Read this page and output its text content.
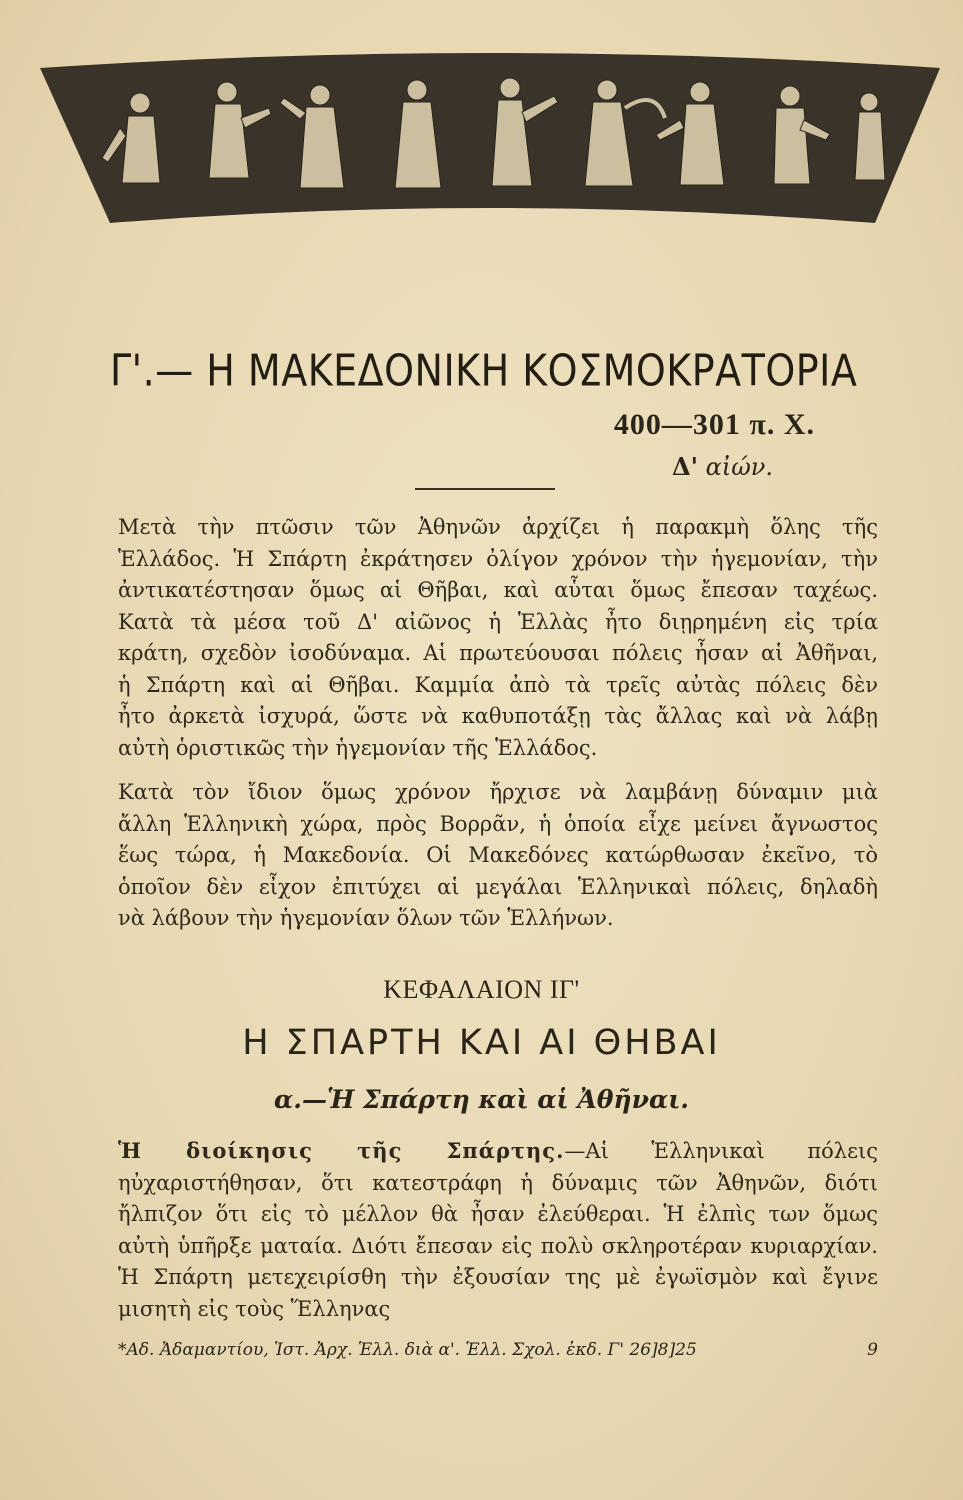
Γ'.— Η ΜΑΚΕΔΟΝΙΚΗ ΚΟΣΜΟΚΡΑΤΟΡΙΑ
400—301 π. Χ.
Δ' αἰών.
Μετὰ τὴν πτῶσιν τῶν Ἀθηνῶν ἀρχίζει ἡ παρακμὴ ὅλης τῆς
Ἑλλάδος. Ἡ Σπάρτη ἐκράτησεν ὀλίγον χρόνον τὴν ἡγεμονίαν, τὴν
ἀντικατέστησαν ὅμως αἱ Θῆβαι, καὶ αὗται ὅμως ἔπεσαν ταχέως.
Κατὰ τὰ μέσα τοῦ Δ' αἰῶνος ἡ Ἑλλὰς ἦτο διῃρημένη εἰς τρία
κράτη, σχεδὸν ἰσοδύναμα. Αἱ πρωτεύουσαι πόλεις ἦσαν αἱ Ἀθῆναι,
ἡ Σπάρτη καὶ αἱ Θῆβαι. Καμμία ἀπὸ τὰ τρεῖς αὐτὰς πόλεις δὲν
ἦτο ἀρκετὰ ἰσχυρά, ὥστε νὰ καθυποτάξῃ τὰς ἄλλας καὶ νὰ λάβῃ
αὐτὴ ὁριστικῶς τὴν ἡγεμονίαν τῆς Ἑλλάδος.
Κατὰ τὸν ἴδιον ὅμως χρόνον ἤρχισε νὰ λαμβάνῃ δύναμιν μιὰ
ἄλλη Ἑλληνικὴ χώρα, πρὸς Βορρᾶν, ἡ ὁποία εἶχε μείνει ἄγνωστος
ἕως τώρα, ἡ Μακεδονία. Οἱ Μακεδόνες κατώρθωσαν ἐκεῖνο, τὸ
ὁποῖον δὲν εἶχον ἐπιτύχει αἱ μεγάλαι Ἑλληνικαὶ πόλεις, δηλαδὴ
νὰ λάβουν τὴν ἡγεμονίαν ὅλων τῶν Ἑλλήνων.
ΚΕΦΑΛΑΙΟΝ ΙΓ'
Η ΣΠΑΡΤΗ ΚΑΙ ΑΙ ΘΗΒΑΙ
α.—Ἡ Σπάρτη καὶ αἱ Ἀθῆναι.
Ἡ διοίκησις τῆς Σπάρτης.—Αἱ Ἑλληνικαὶ πόλεις
ηὐχαριστήθησαν, ὅτι κατεστράφη ἡ δύναμις τῶν Ἀθηνῶν, διότι
ἤλπιζον ὅτι εἰς τὸ μέλλον θὰ ἦσαν ἐλεύθεραι. Ἡ ἐλπὶς των ὅμως
αὐτὴ ὑπῆρξε ματαία. Διότι ἔπεσαν εἰς πολὺ σκληροτέραν κυριαρχίαν.
Ἡ Σπάρτη μετεχειρίσθη τὴν ἐξουσίαν της μὲ ἐγωϊσμὸν καὶ ἔγινε
μισητὴ εἰς τοὺς Ἕλληνας
*Αδ. Ἀδαμαντίου, Ἱστ. Ἀρχ. Ἑλλ. διὰ α'. Ἑλλ. Σχολ. ἐκδ. Γ' 26]8]25	9
